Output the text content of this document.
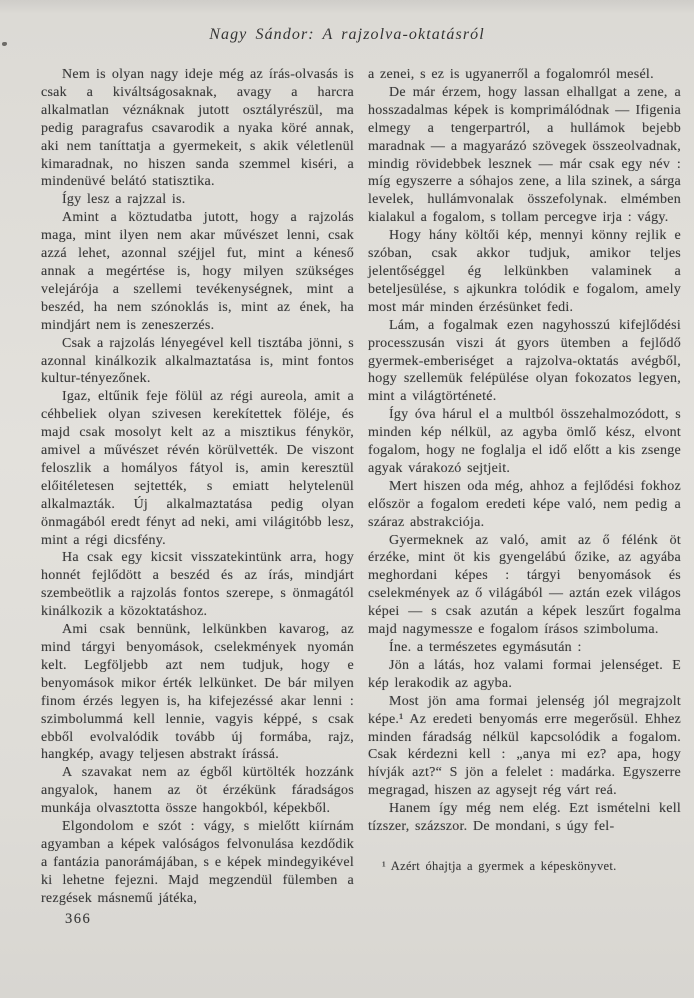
Nagy Sándor: A rajzolva-oktatásról

Nem is olyan nagy ideje még az írás-olvasás is csak a kiváltságosaknak, avagy a harcra alkalmatlan véznáknak jutott osztályrészül, ma pedig paragrafus csavarodik a nyaka köré annak, aki nem taníttatja a gyermekeit, s akik véletlenül kimaradnak, no hiszen sanda szemmel kiséri, a mindenüvé belátó statisztika.

Így lesz a rajzzal is.

Amint a köztudatba jutott, hogy a rajzolás maga, mint ilyen nem akar művészet lenni, csak azzá lehet, azonnal széjjel fut, mint a kéneső annak a megértése is, hogy milyen szükséges velejárója a szellemi tevékenységnek, mint a beszéd, ha nem szónoklás is, mint az ének, ha mindjárt nem is zeneszerzés.

Csak a rajzolás lényegével kell tisztába jönni, s azonnal kinálkozik alkalmaztatása is, mint fontos kultur-tényezőnek.

Igaz, eltűnik feje fölül az régi aureola, amit a céhbeliek olyan szivesen kerekítettek föléje, és majd csak mosolyt kelt az a misztikus fénykör, amivel a művészet révén körülvették. De viszont feloszlik a homályos fátyol is, amin keresztül előitéletesen sejtették, s emiatt helytelenül alkalmazták. Új alkalmaztatása pedig olyan önmagából eredt fényt ad neki, ami világitóbb lesz, mint a régi dicsfény.

Ha csak egy kicsit visszatekintünk arra, hogy honnét fejlődött a beszéd és az írás, mindjárt szembeötlik a rajzolás fontos szerepe, s önmagától kinálkozik a közoktatáshoz.

Ami csak bennünk, lelkünkben kavarog, az mind tárgyi benyomások, cselekmények nyomán kelt. Legföljebb azt nem tudjuk, hogy e benyomások mikor érték lelkünket. De bár milyen finom érzés legyen is, ha kifejezéssé akar lenni : szimbolummá kell lennie, vagyis képpé, s csak ebből evolvalódik tovább új formába, rajz, hangkép, avagy teljesen abstrakt írássá.

A szavakat nem az égből kürtölték hozzánk angyalok, hanem az öt érzékünk fáradságos munkája olvasztotta össze hangokból, képekből.

Elgondolom e szót : vágy, s mielőtt kiírnám agyamban a képek valóságos felvonulása kezdődik a fantázia panorámájában, s e képek mindegyikével ki lehetne fejezni. Majd megzendül fülemben a rezgések másnemű játéka,

366

a zenei, s ez is ugyanerről a fogalomról mesél.

De már érzem, hogy lassan elhallgat a zene, a hosszadalmas képek is komprimálódnak — Ifigenia elmegy a tengerpartról, a hullámok bejebb maradnak — a magyarázó szövegek összeolvadnak, mindig rövidebbek lesznek — már csak egy név : míg egyszerre a sóhajos zene, a lila szinek, a sárga levelek, hullámvonalak összefolynak. elmémben kialakul a fogalom, s tollam percegve irja : vágy.

Hogy hány költői kép, mennyi könny rejlik e szóban, csak akkor tudjuk, amikor teljes jelentőséggel ég lelkünkben valaminek a beteljesülése, s ajkunkra tolódik e fogalom, amely most már minden érzésünket fedi.

Lám, a fogalmak ezen nagyhosszú kifejlődési processzusán viszi át gyors ütemben a fejlődő gyermek-emberiséget a rajzolva-oktatás avégből, hogy szellemük felépülése olyan fokozatos legyen, mint a világtörténeté.

Így óva hárul el a multból összehalmozódott, s minden kép nélkül, az agyba ömlő kész, elvont fogalom, hogy ne foglalja el idő előtt a kis zsenge agyak várakozó sejtjeit.

Mert hiszen oda még, ahhoz a fejlődési fokhoz először a fogalom eredeti képe való, nem pedig a száraz abstrakciója.

Gyermeknek az való, amit az ő félénk öt érzéke, mint öt kis gyengelábú őzike, az agyába meghordani képes : tárgyi benyomások és cselekmények az ő világából — aztán ezek világos képei — s csak azután a képek leszűrt fogalma majd nagymessze e fogalom írásos szimboluma.

Íne. a természetes egymásután :

Jön a látás, hoz valami formai jelenséget. E kép lerakodik az agyba.

Most jön ama formai jelenség jól megrajzolt képe.¹ Az eredeti benyomás erre megerősül. Ehhez minden fáradság nélkül kapcsolódik a fogalom. Csak kérdezni kell : „anya mi ez? apa, hogy hívják azt?“ S jön a felelet : madárka. Egyszerre megragad, hiszen az agysejt rég várt reá.

Hanem így még nem elég. Ezt ismételni kell tízszer, százszor. De mondani, s úgy fel-

¹ Azért óhajtja a gyermek a képeskönyvet.
